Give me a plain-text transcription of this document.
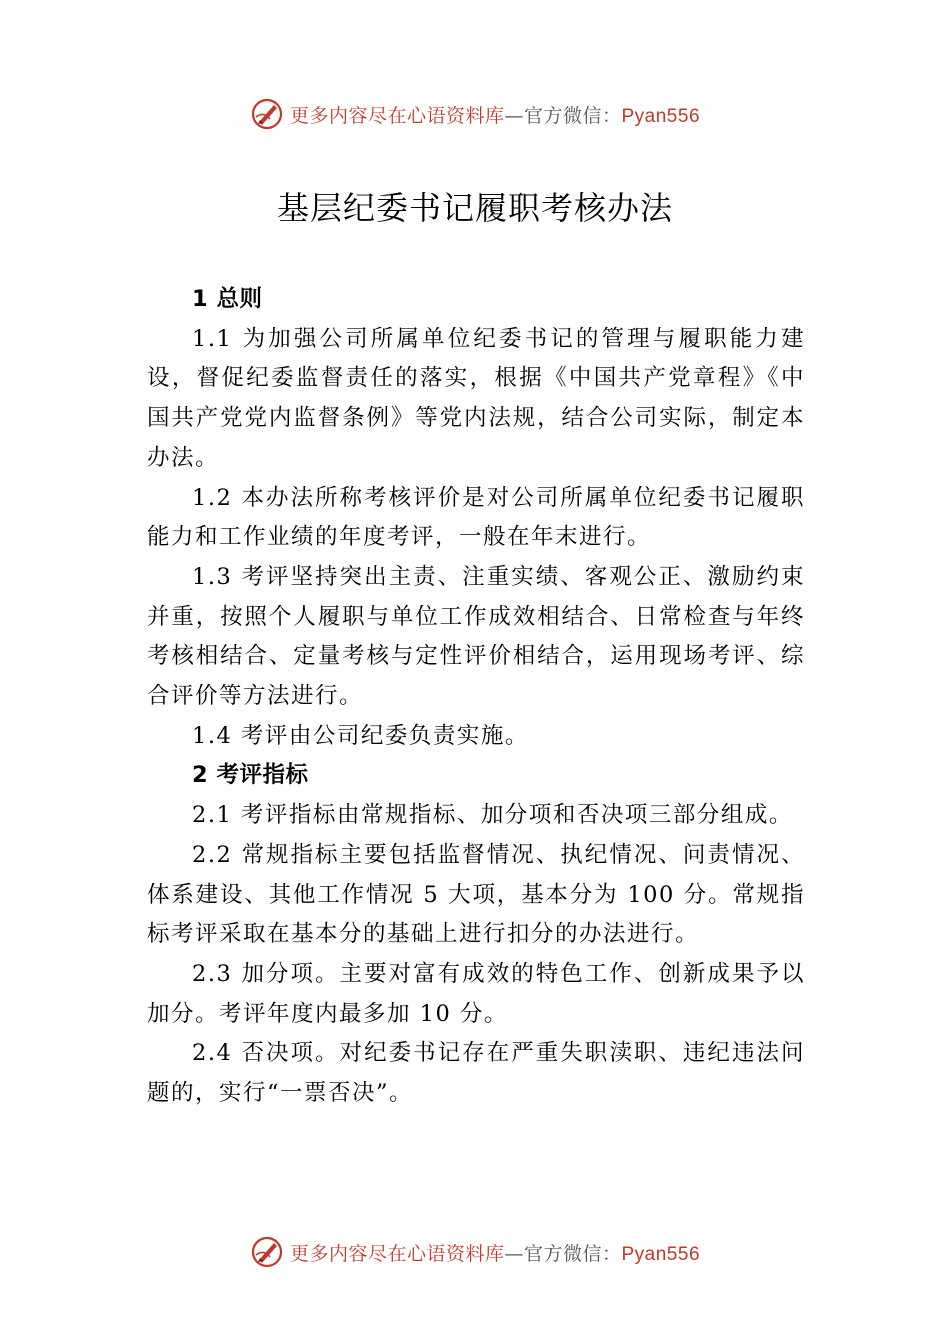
更多内容尽在心语资料库—官方微信：Pyan556
基层纪委书记履职考核办法
1 总则

1.1 为加强公司所属单位纪委书记的管理与履职能力建设，督促纪委监督责任的落实，根据《中国共产党章程》《中国共产党党内监督条例》等党内法规，结合公司实际，制定本办法。

1.2 本办法所称考核评价是对公司所属单位纪委书记履职能力和工作业绩的年度考评，一般在年末进行。

1.3 考评坚持突出主责、注重实绩、客观公正、激励约束并重，按照个人履职与单位工作成效相结合、日常检查与年终考核相结合、定量考核与定性评价相结合，运用现场考评、综合评价等方法进行。

1.4 考评由公司纪委负责实施。

2 考评指标

2.1 考评指标由常规指标、加分项和否决项三部分组成。

2.2 常规指标主要包括监督情况、执纪情况、问责情况、体系建设、其他工作情况 5 大项，基本分为 100 分。常规指标考评采取在基本分的基础上进行扣分的办法进行。

2.3 加分项。主要对富有成效的特色工作、创新成果予以加分。考评年度内最多加 10 分。

2.4 否决项。对纪委书记存在严重失职渎职、违纪违法问题的，实行“一票否决”。

更多内容尽在心语资料库—官方微信：Pyan556
